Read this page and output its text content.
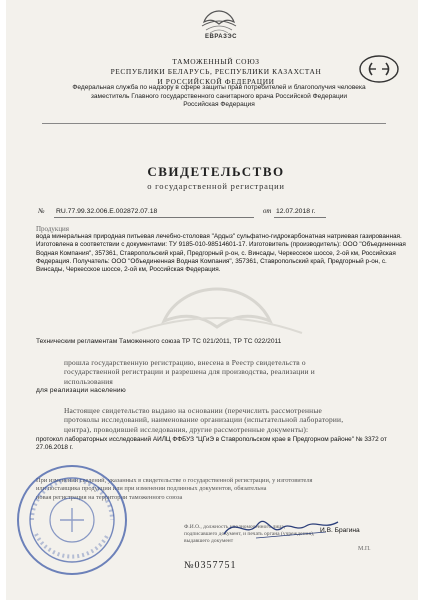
ЕВРАЗЭС
ТАМОЖЕННЫЙ СОЮЗ
РЕСПУБЛИКИ БЕЛАРУСЬ, РЕСПУБЛИКИ КАЗАХСТАН
И РОССИЙСКОЙ ФЕДЕРАЦИИ
Федеральная служба по надзору в сфере защиты прав потребителей и благополучия человека
заместитель Главного государственного санитарного врача Российской Федерации
Российская Федерация
СВИДЕТЕЛЬСТВО
о государственной регистрации
№ RU.77.99.32.006.Е.002872.07.18	от 12.07.2018 г.
Продукция
вода минеральная природная питьевая лечебно-столовая "Ардыз" сульфатно-гидрокарбонатная натриевая газированная. Изготовлена в соответствии с документами: ТУ 9185-010-98514601-17. Изготовитель (производитель): ООО "Объединенная Водная Компания", 357361, Ставропольский край, Предгорный р-он, с. Винсады, Черкесское шоссе, 2-ой км, Российская Федерация. Получатель: ООО "Объединенная Водная Компания", 357361, Ставропольский край, Предгорный р-он, с. Винсады, Черкесское шоссе, 2-ой км, Российская Федерация.
Техническим регламентам Таможенного союза ТР ТС 021/2011, ТР ТС 022/2011
прошла государственную регистрацию, внесена в Реестр свидетельств о
государственной регистрации и разрешена для производства, реализации и
использования
для реализации населению
Настоящее свидетельство выдано на основании (перечислить рассмотренные
протоколы исследований, наименование организации (испытательной лаборатории,
центра), проводившей исследования, другие рассмотренные документы):
протокол лабораторных исследований АИЛЦ ФФБУЗ "ЦГиЭ в Ставропольском крае в Предгорном районе" № 3372 от 27.06.2018 г.
При изменении сведений, указанных в свидетельстве о государственной регистрации, у изготовителя
или поставщика продукции или при изменении подлинных документов, обязательна
новая регистрация на территории таможенного союза
Ф.И.О., должность уполномоченного лица,
подписавшего документ, и печать органа (учреждения),
выдавшего документ
И.В. Брагина
М.П.
№0357751
